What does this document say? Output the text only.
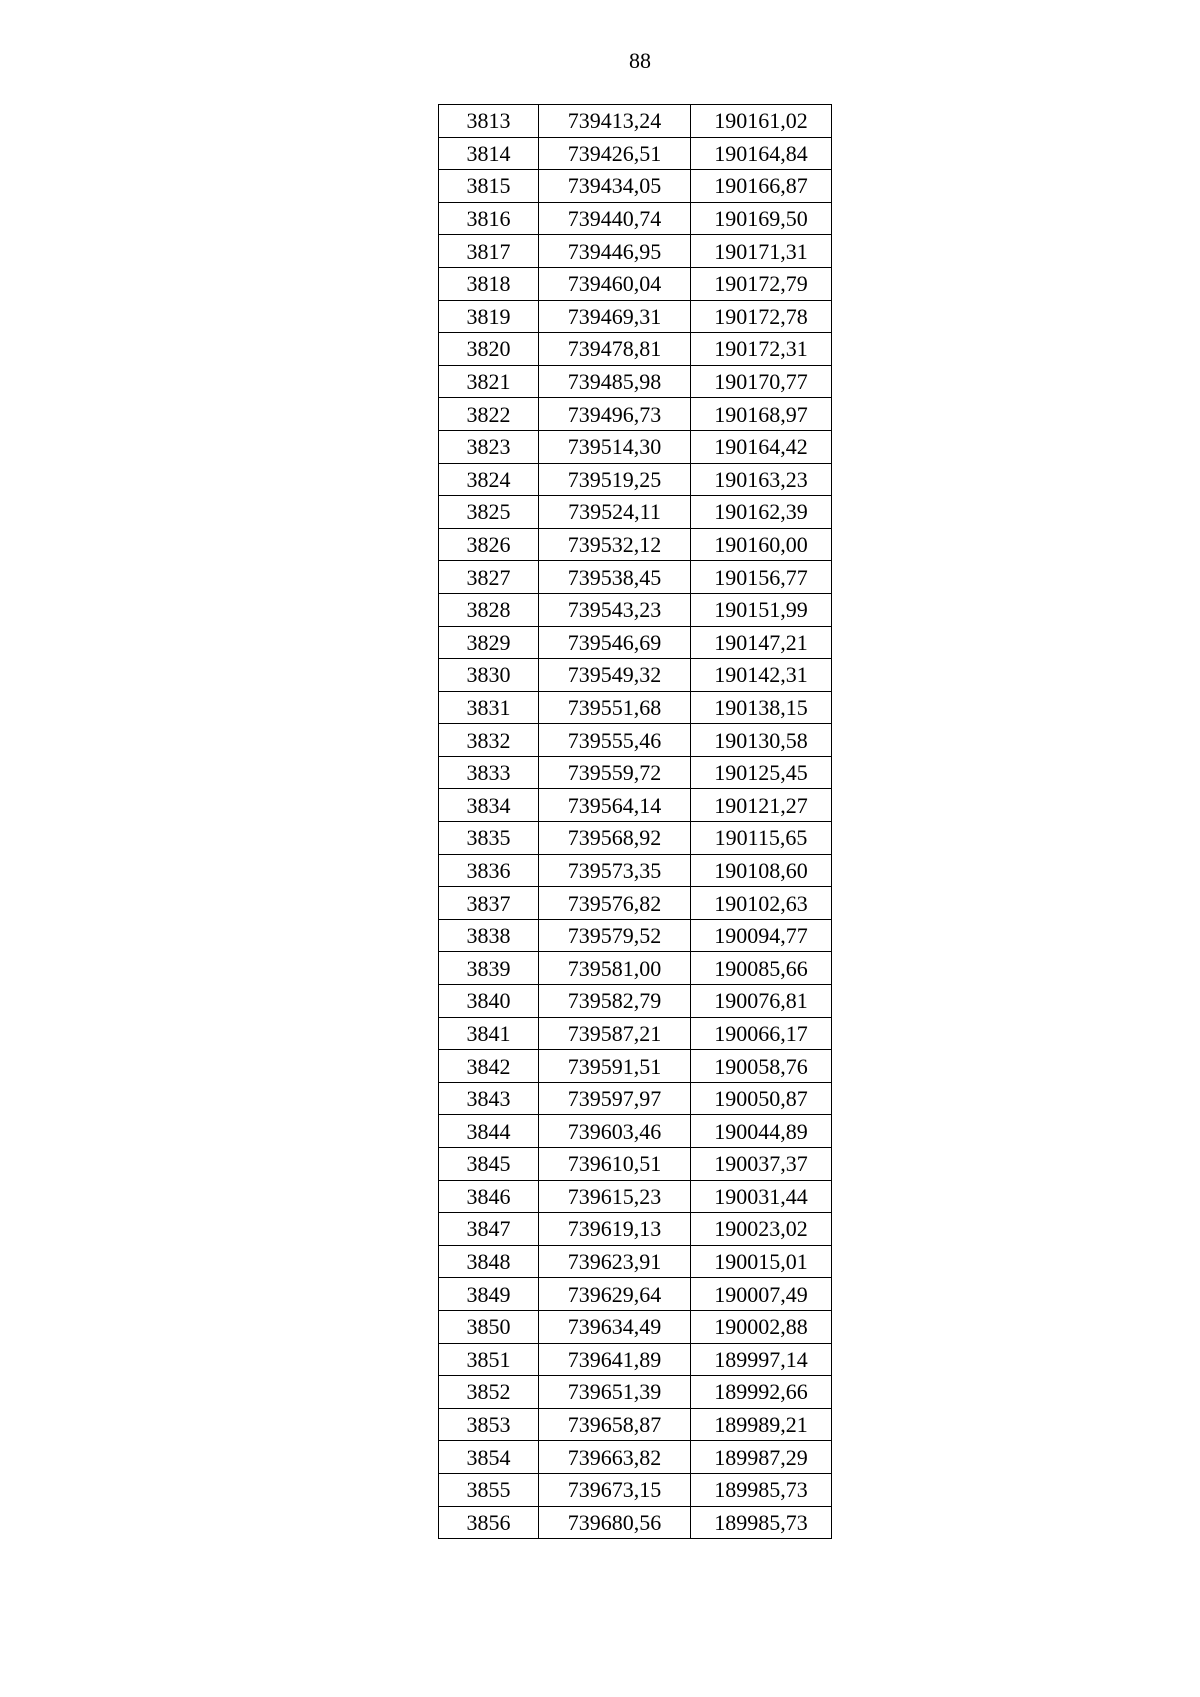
88
3813	739413,24	190161,02
3814	739426,51	190164,84
3815	739434,05	190166,87
3816	739440,74	190169,50
3817	739446,95	190171,31
3818	739460,04	190172,79
3819	739469,31	190172,78
3820	739478,81	190172,31
3821	739485,98	190170,77
3822	739496,73	190168,97
3823	739514,30	190164,42
3824	739519,25	190163,23
3825	739524,11	190162,39
3826	739532,12	190160,00
3827	739538,45	190156,77
3828	739543,23	190151,99
3829	739546,69	190147,21
3830	739549,32	190142,31
3831	739551,68	190138,15
3832	739555,46	190130,58
3833	739559,72	190125,45
3834	739564,14	190121,27
3835	739568,92	190115,65
3836	739573,35	190108,60
3837	739576,82	190102,63
3838	739579,52	190094,77
3839	739581,00	190085,66
3840	739582,79	190076,81
3841	739587,21	190066,17
3842	739591,51	190058,76
3843	739597,97	190050,87
3844	739603,46	190044,89
3845	739610,51	190037,37
3846	739615,23	190031,44
3847	739619,13	190023,02
3848	739623,91	190015,01
3849	739629,64	190007,49
3850	739634,49	190002,88
3851	739641,89	189997,14
3852	739651,39	189992,66
3853	739658,87	189989,21
3854	739663,82	189987,29
3855	739673,15	189985,73
3856	739680,56	189985,73
